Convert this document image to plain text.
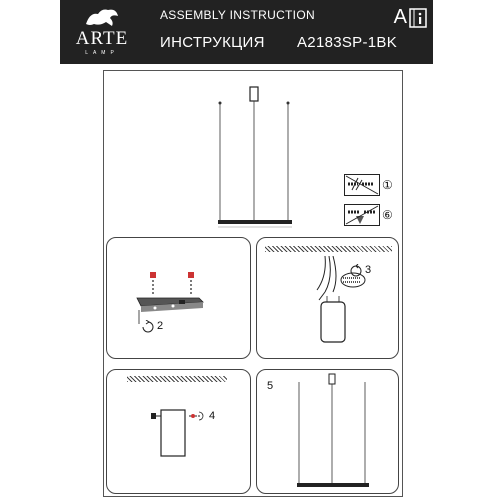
ARTE
LAMP
ASSEMBLY INSTRUCTION
ИНСТРУКЦИЯ A2183SP-1BK
A
①
⑥
2
3
4
5
